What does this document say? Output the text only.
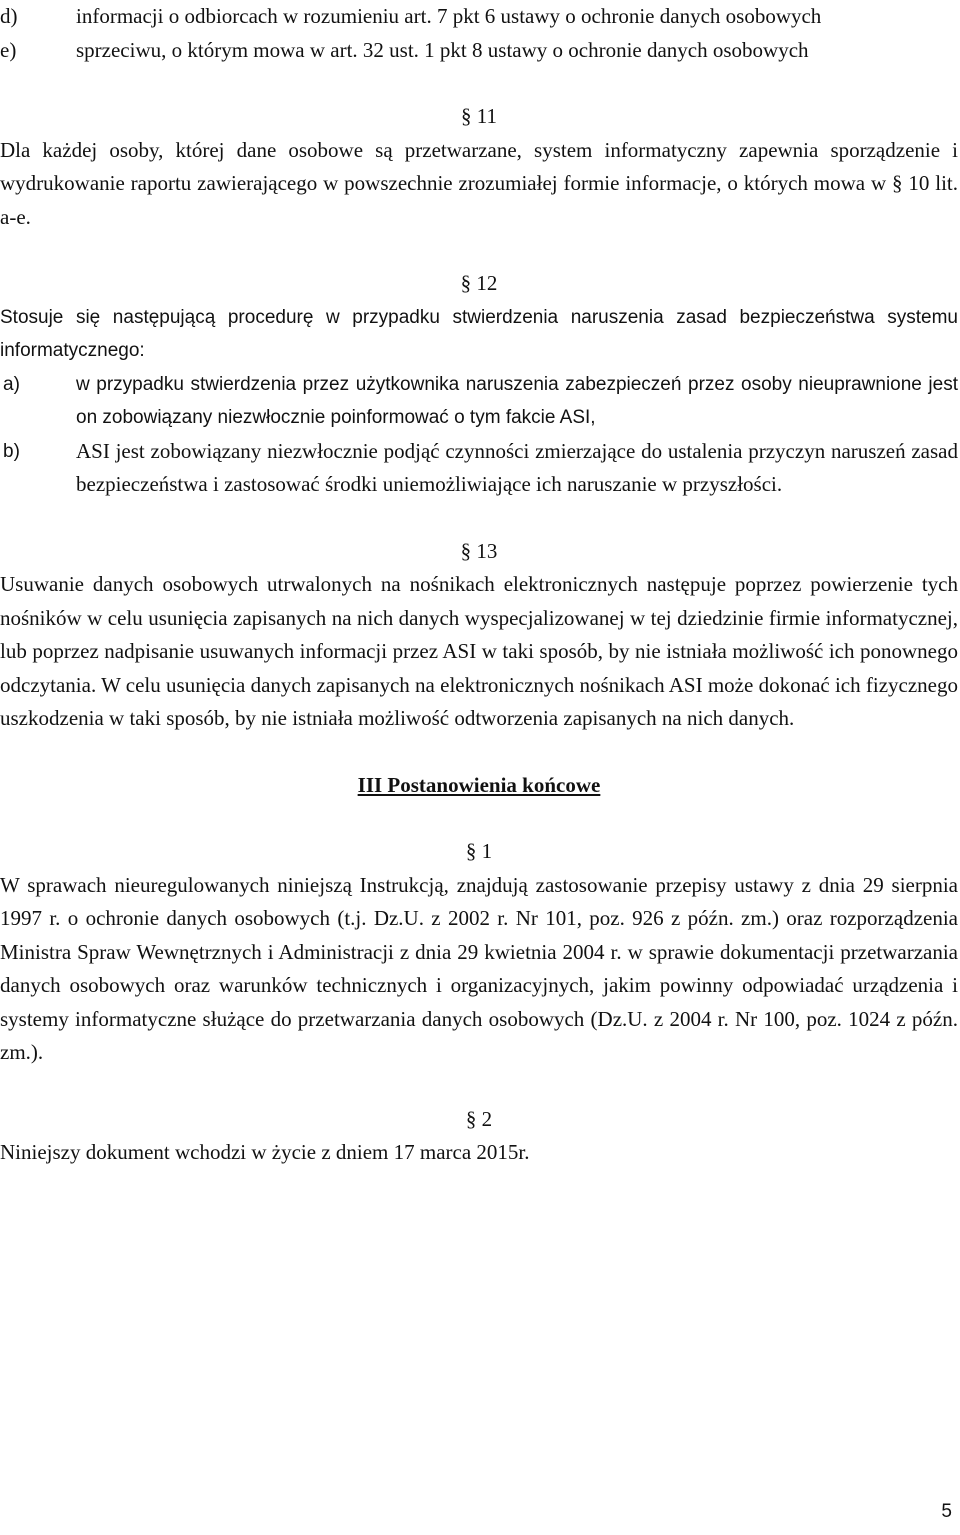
d)	informacji o odbiorcach w rozumieniu art. 7 pkt 6 ustawy o ochronie danych osobowych
e)	sprzeciwu, o którym mowa w art. 32 ust. 1 pkt 8 ustawy o ochronie danych osobowych

§ 11

Dla każdej osoby, której dane osobowe są przetwarzane, system informatyczny zapewnia sporządzenie i wydrukowanie raportu zawierającego w powszechnie zrozumiałej formie informacje, o których mowa w § 10 lit. a-e.

§ 12

Stosuje się następującą procedurę w przypadku stwierdzenia naruszenia zasad bezpieczeństwa systemu informatycznego:

a)	w przypadku stwierdzenia przez użytkownika naruszenia zabezpieczeń przez osoby nieuprawnione jest on zobowiązany niezwłocznie poinformować o tym fakcie ASI,
b)	ASI jest zobowiązany niezwłocznie podjąć czynności zmierzające do ustalenia przyczyn naruszeń zasad bezpieczeństwa i zastosować środki uniemożliwiające ich naruszanie w przyszłości.

§ 13

Usuwanie danych osobowych utrwalonych na nośnikach elektronicznych następuje poprzez powierzenie tych nośników w celu usunięcia zapisanych na nich danych wyspecjalizowanej w tej dziedzinie firmie informatycznej, lub poprzez nadpisanie usuwanych informacji przez ASI w taki sposób, by nie istniała możliwość ich ponownego odczytania. W celu usunięcia danych zapisanych na elektronicznych nośnikach ASI może dokonać ich fizycznego uszkodzenia w taki sposób, by nie istniała możliwość odtworzenia zapisanych na nich danych.

III Postanowienia końcowe

§ 1

W sprawach nieuregulowanych niniejszą Instrukcją, znajdują zastosowanie przepisy ustawy z dnia 29 sierpnia 1997 r. o ochronie danych osobowych (t.j. Dz.U. z 2002 r. Nr 101, poz. 926 z późn. zm.) oraz rozporządzenia Ministra Spraw Wewnętrznych i Administracji z dnia 29 kwietnia 2004 r. w sprawie dokumentacji przetwarzania danych osobowych oraz warunków technicznych i organizacyjnych, jakim powinny odpowiadać urządzenia i systemy informatyczne służące do przetwarzania danych osobowych (Dz.U. z 2004 r. Nr 100, poz. 1024 z późn. zm.).

§ 2

Niniejszy dokument wchodzi w życie z dniem 17 marca 2015r.

5
